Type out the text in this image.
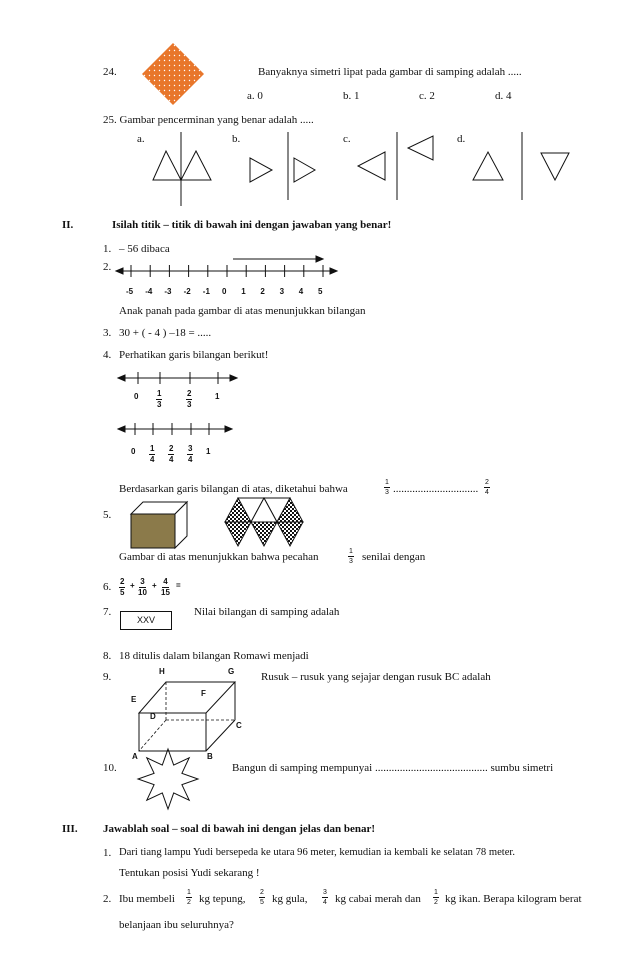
24.	Banyaknya simetri lipat pada gambar di samping adalah .....
a. 0	b. 1	c. 2	d. 4
25. Gambar pencerminan yang benar adalah .....
a.	b.	c.	d.
II.	Isilah titik – titik di bawah ini dengan jawaban yang benar!
1. – 56 dibaca
2.
-5 -4 -3 -2 -1 0 1 2 3 4 5
Anak panah pada gambar di atas menunjukkan bilangan
3. 30 + ( - 4 ) –18 = .....
4. Perhatikan garis bilangan berikut!
$0 \frac{1}{3}$	$\frac{2}{3}$	1
$0 \frac{1}{4} \frac{2}{4} \frac{3}{4} 1$
Berdasarkan garis bilangan di atas, diketahui bahwa	$\frac{1}{3}$ ............................... $\frac{2}{4}$
5.
Gambar di atas menunjukkan bahwa pecahan	$\frac{1}{3}$ senilai dengan
6. $\frac{2}{5} + \frac{3}{10} + \frac{4}{15}$ =
7.
XXV
Nilai bilangan di samping adalah
8. 18 ditulis dalam bilangan Romawi menjadi
9.	Rusuk – rusuk yang sejajar dengan rusuk BC adalah
H	G
E
F
D
C
A	B
10.	Bangun di samping mempunyai ......................................... sumbu simetri
III. Jawablah soal – soal di bawah ini dengan jelas dan benar!
1. Dari tiang lampu Yudi bersepeda ke utara 96 meter, kemudian ia kembali ke selatan 78 meter.
Tentukan posisi Yudi sekarang !
2. Ibu membeli $\frac{1}{2}$ kg tepung, $\frac{2}{5}$ kg gula, $\frac{3}{4}$ kg cabai merah dan $\frac{1}{2}$ kg ikan. Berapa kilogram berat
belanjaan ibu seluruhnya?
